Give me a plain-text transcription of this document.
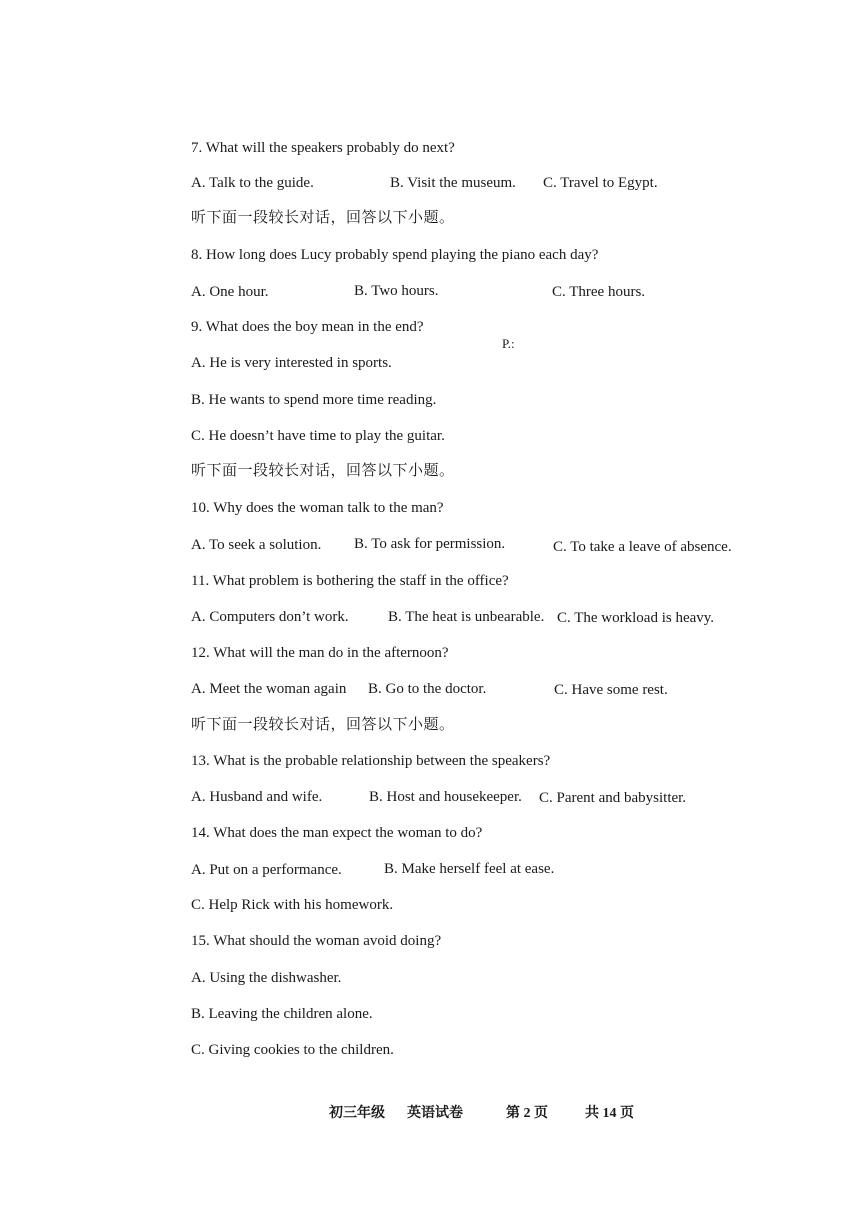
7. What will the speakers probably do next?
A. Talk to the guide.	B. Visit the museum. C. Travel to Egypt.
听下面一段较长对话，回答以下小题。
8. How long does Lucy probably spend playing the piano each day?
A. One hour.	B. Two hours.	C. Three hours.
9. What does the boy mean in the end?
P.:
A. He is very interested in sports.
B. He wants to spend more time reading.
C. He doesn’t have time to play the guitar.
听下面一段较长对话，回答以下小题。
10. Why does the woman talk to the man?
A. To seek a solution. B. To ask for permission.	C. To take a leave of absence.
11. What problem is bothering the staff in the office?
A. Computers don’t work.	B. The heat is unbearable. C. The workload is heavy.
12. What will the man do in the afternoon?
A. Meet the woman again B. Go to the doctor.	C. Have some rest.
听下面一段较长对话，回答以下小题。
13. What is the probable relationship between the speakers?
A. Husband and wife.	B. Host and housekeeper. C. Parent and babysitter.
14. What does the man expect the woman to do?
A. Put on a performance.	B. Make herself feel at ease.
C. Help Rick with his homework.
15. What should the woman avoid doing?
A. Using the dishwasher.
B. Leaving the children alone.
C. Giving cookies to the children.
初三年级 英语试卷	第 2 页	共 14 页
